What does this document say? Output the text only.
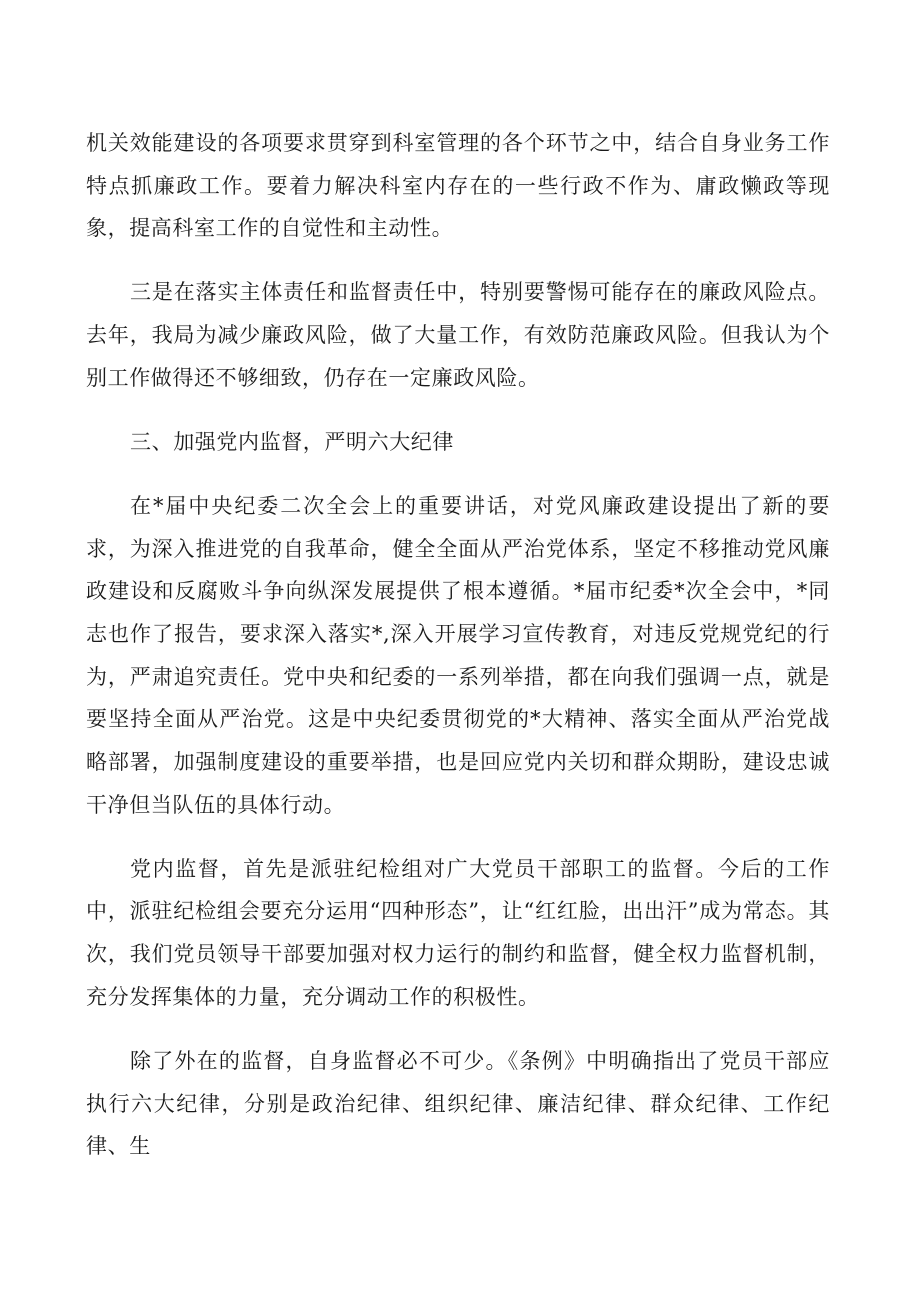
机关效能建设的各项要求贯穿到科室管理的各个环节之中，结合自身业务工作特点抓廉政工作。要着力解决科室内存在的一些行政不作为、庸政懒政等现象，提高科室工作的自觉性和主动性。

三是在落实主体责任和监督责任中，特别要警惕可能存在的廉政风险点。去年，我局为减少廉政风险，做了大量工作，有效防范廉政风险。但我认为个别工作做得还不够细致，仍存在一定廉政风险。

三、加强党内监督，严明六大纪律

在*届中央纪委二次全会上的重要讲话，对党风廉政建设提出了新的要求，为深入推进党的自我革命，健全全面从严治党体系，坚定不移推动党风廉政建设和反腐败斗争向纵深发展提供了根本遵循。*届市纪委*次全会中，*同志也作了报告，要求深入落实*,深入开展学习宣传教育，对违反党规党纪的行为，严肃追究责任。党中央和纪委的一系列举措，都在向我们强调一点，就是要坚持全面从严治党。这是中央纪委贯彻党的*大精神、落实全面从严治党战略部署，加强制度建设的重要举措，也是回应党内关切和群众期盼，建设忠诚干净但当队伍的具体行动。

党内监督，首先是派驻纪检组对广大党员干部职工的监督。今后的工作中，派驻纪检组会要充分运用“四种形态”，让“红红脸，出出汗”成为常态。其次，我们党员领导干部要加强对权力运行的制约和监督，健全权力监督机制，充分发挥集体的力量，充分调动工作的积极性。

除了外在的监督，自身监督必不可少。《条例》中明确指出了党员干部应执行六大纪律，分别是政治纪律、组织纪律、廉洁纪律、群众纪律、工作纪律、生
